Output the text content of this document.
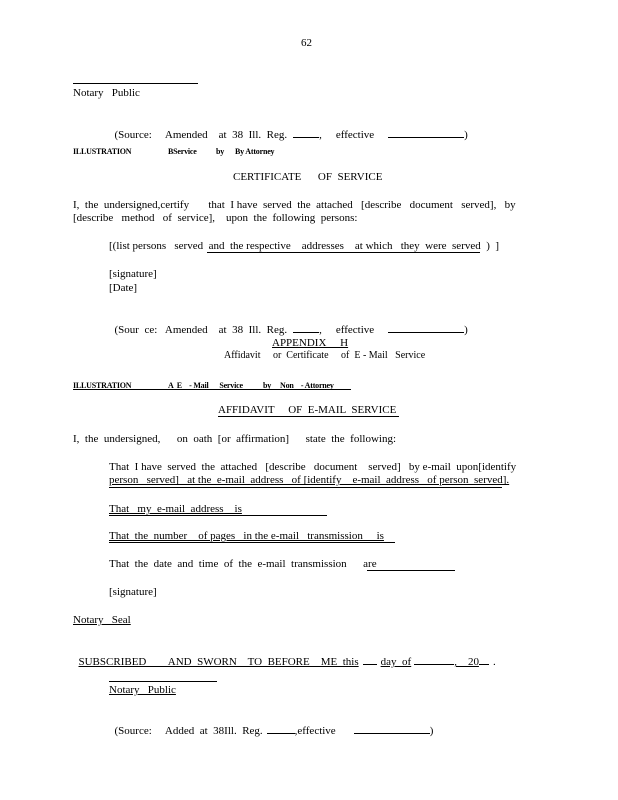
62
Notary   Public

(Source:     Amended    at  38  Ill.  Reg.	, effective	)

ILLUSTRATION	BService by By Attorney
CERTIFICATE      OF  SERVICE
I,  the  undersigned,certify       that  I have  served  the  attached   [describe   document   served],   by
[describe   method   of  service],    upon  the  following  persons:
[(list persons   served  and  the respective    addresses    at which   they  were  served  )  ]
[signature]
[Date]

(Sour  ce:   Amended    at  38  Ill.  Reg.	, effective	)

APPENDIX     H
Affidavit     or  Certificate     of  E - Mail   Service
ILLUSTRATION	A  E    - Mail      Service	by Non    - Attorney
AFFIDAVIT     OF  E-MAIL  SERVICE
I,  the  undersigned,      on  oath  [or  affirmation]      state  the  following:
That  I have  served  the  attached   [describe   document    served]   by e-mail  upon[identify
person   served]   at the  e-mail  address   of [identify    e-mail  address   of person  served].
That   my  e-mail  address    is
That  the  number    of pages   in the e-mail   transmission     is
That  the  date  and  time  of  the  e-mail  transmission      are
[signature]
Notary   Seal

SUBSCRIBED        AND  SWORN    TO  BEFORE    ME  this day  of	,    20 .

Notary   Public

(Source:     Added  at  38Ill.  Reg.	,effective	)
